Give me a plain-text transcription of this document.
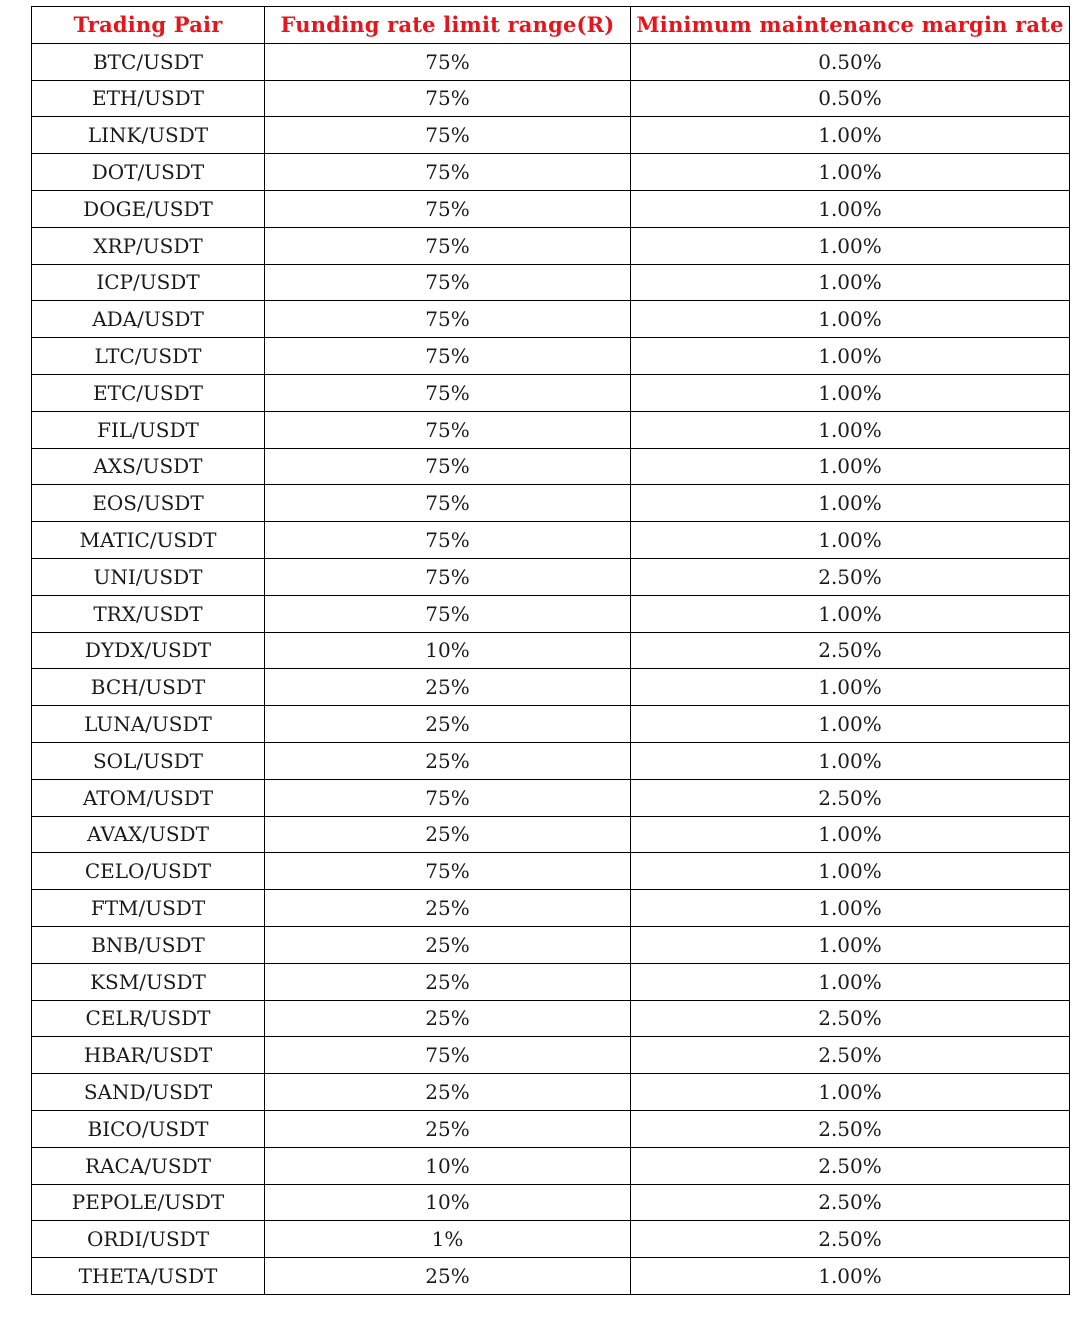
Trading Pair	Funding rate limit range(R)	Minimum maintenance margin rate
BTC/USDT	75%	0.50%
ETH/USDT	75%	0.50%
LINK/USDT	75%	1.00%
DOT/USDT	75%	1.00%
DOGE/USDT	75%	1.00%
XRP/USDT	75%	1.00%
ICP/USDT	75%	1.00%
ADA/USDT	75%	1.00%
LTC/USDT	75%	1.00%
ETC/USDT	75%	1.00%
FIL/USDT	75%	1.00%
AXS/USDT	75%	1.00%
EOS/USDT	75%	1.00%
MATIC/USDT	75%	1.00%
UNI/USDT	75%	2.50%
TRX/USDT	75%	1.00%
DYDX/USDT	10%	2.50%
BCH/USDT	25%	1.00%
LUNA/USDT	25%	1.00%
SOL/USDT	25%	1.00%
ATOM/USDT	75%	2.50%
AVAX/USDT	25%	1.00%
CELO/USDT	75%	1.00%
FTM/USDT	25%	1.00%
BNB/USDT	25%	1.00%
KSM/USDT	25%	1.00%
CELR/USDT	25%	2.50%
HBAR/USDT	75%	2.50%
SAND/USDT	25%	1.00%
BICO/USDT	25%	2.50%
RACA/USDT	10%	2.50%
PEPOLE/USDT	10%	2.50%
ORDI/USDT	1%	2.50%
THETA/USDT	25%	1.00%
